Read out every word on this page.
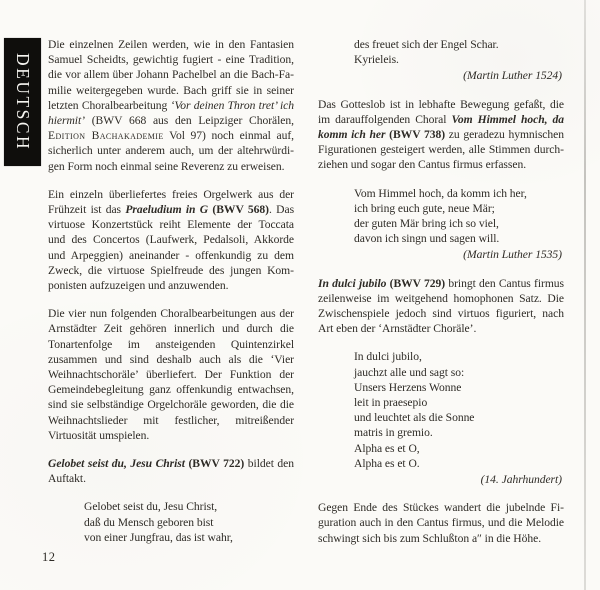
DEUTSCH

Die einzelnen Zeilen werden, wie in den Fantasien Samuel Scheidts, gewichtig fugiert - eine Tradition, die vor allem über Johann Pachelbel an die Bach-Familie weitergegeben wurde. Bach griff sie in seiner letzten Choralbearbeitung ‘Vor deinen Thron tret’ ich hiermit’ (BWV 668 aus den Leipziger Chorälen, Edition Bachakademie Vol 97) noch einmal auf, sicherlich unter anderem auch, um der altehrwürdigen Form noch einmal seine Reverenz zu erweisen.

Ein einzeln überliefertes freies Orgelwerk aus der Frühzeit ist das Praeludium in G (BWV 568). Das virtuose Konzertstück reiht Elemente der Toccata und des Concertos (Laufwerk, Pedalsoli, Akkorde und Arpeggien) aneinander - offenkundig zu dem Zweck, die virtuose Spielfreude des jungen Komponisten aufzuzeigen und anzuwenden.

Die vier nun folgenden Choralbearbeitungen aus der Arnstädter Zeit gehören innerlich und durch die Tonartenfolge im ansteigenden Quintenzirkel zusammen und sind deshalb auch als die ‘Vier Weihnachtschoräle’ überliefert. Der Funktion der Gemeindebegleitung ganz offenkundig entwachsen, sind sie selbständige Orgelchoräle geworden, die die Weihnachtslieder mit festlicher, mitreißender Virtuosität umspielen.

Gelobet seist du, Jesu Christ (BWV 722) bildet den Auftakt.

Gelobet seist du, Jesu Christ,
daß du Mensch geboren bist
von einer Jungfrau, das ist wahr,
des freuet sich der Engel Schar.
Kyrieleis.
(Martin Luther 1524)

Das Gotteslob ist in lebhafte Bewegung gefaßt, die im darauffolgenden Choral Vom Himmel hoch, da komm ich her (BWV 738) zu geradezu hymnischen Figurationen gesteigert werden, alle Stimmen durchziehen und sogar den Cantus firmus erfassen.

Vom Himmel hoch, da komm ich her,
ich bring euch gute, neue Mär;
der guten Mär bring ich so viel,
davon ich singn und sagen will.
(Martin Luther 1535)

In dulci jubilo (BWV 729) bringt den Cantus firmus zeilenweise im weitgehend homophonen Satz. Die Zwischenspiele jedoch sind virtuos figuriert, nach Art eben der ‘Arnstädter Choräle’.

In dulci jubilo,
jauchzt alle und sagt so:
Unsers Herzens Wonne
leit in praesepio
und leuchtet als die Sonne
matris in gremio.
Alpha es et O,
Alpha es et O.
(14. Jahrhundert)

Gegen Ende des Stückes wandert die jubelnde Figuration auch in den Cantus firmus, und die Melodie schwingt sich bis zum Schlußton a″ in die Höhe.

12
